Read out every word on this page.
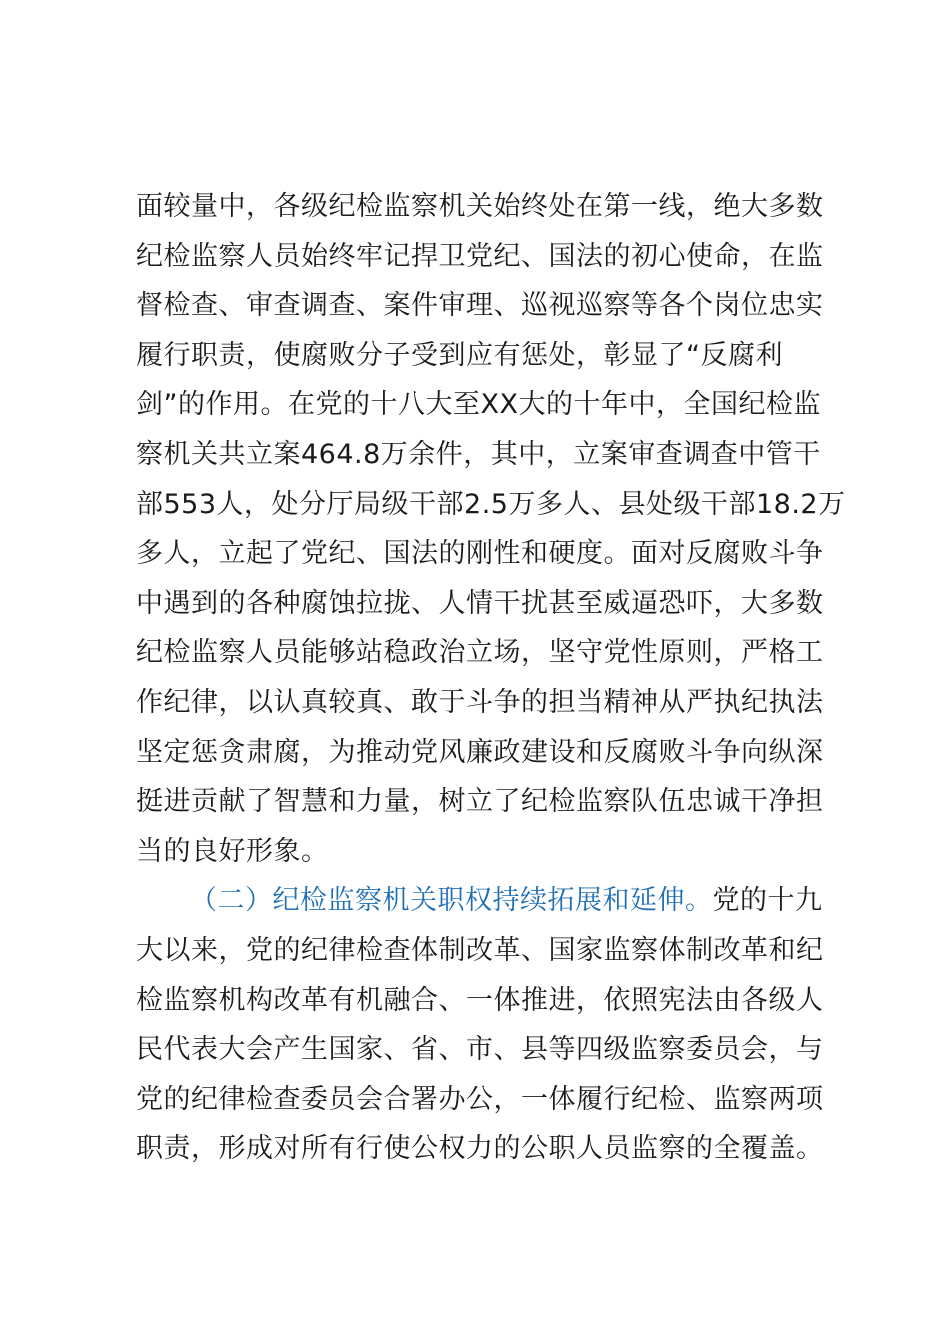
面较量中，各级纪检监察机关始终处在第一线，绝大多数
纪检监察人员始终牢记捍卫党纪、国法的初心使命，在监
督检查、审查调查、案件审理、巡视巡察等各个岗位忠实
履行职责，使腐败分子受到应有惩处，彰显了“反腐利
剑”的作用。在党的十八大至XX大的十年中，全国纪检监
察机关共立案464.8万余件，其中，立案审查调查中管干
部553人，处分厅局级干部2.5万多人、县处级干部18.2万
多人，立起了党纪、国法的刚性和硬度。面对反腐败斗争
中遇到的各种腐蚀拉拢、人情干扰甚至威逼恐吓，大多数
纪检监察人员能够站稳政治立场，坚守党性原则，严格工
作纪律，以认真较真、敢于斗争的担当精神从严执纪执法
坚定惩贪肃腐，为推动党风廉政建设和反腐败斗争向纵深
挺进贡献了智慧和力量，树立了纪检监察队伍忠诚干净担
当的良好形象。
（二）纪检监察机关职权持续拓展和延伸。党的十九
大以来，党的纪律检查体制改革、国家监察体制改革和纪
检监察机构改革有机融合、一体推进，依照宪法由各级人
民代表大会产生国家、省、市、县等四级监察委员会，与
党的纪律检查委员会合署办公，一体履行纪检、监察两项
职责，形成对所有行使公权力的公职人员监察的全覆盖。
